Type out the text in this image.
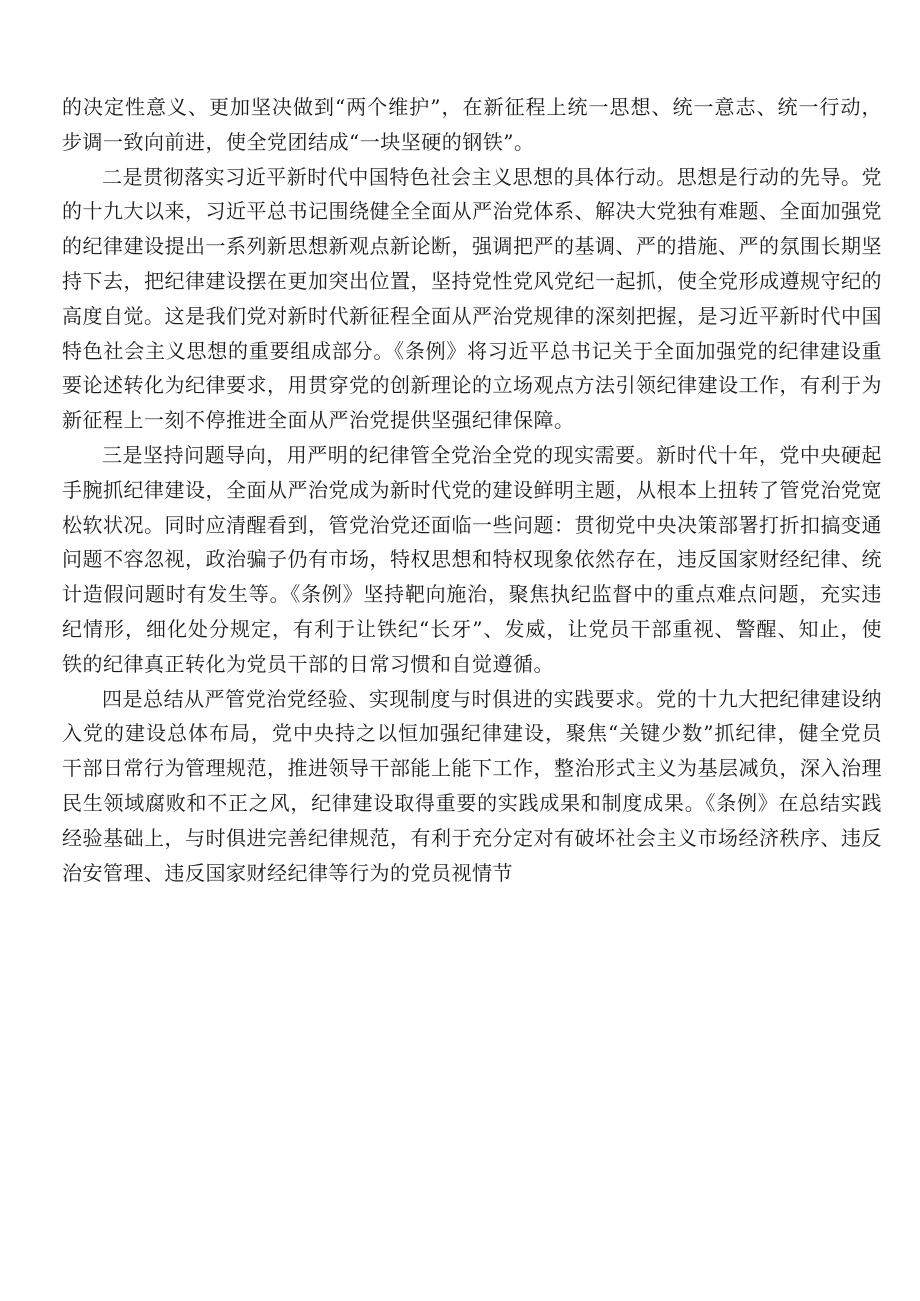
的决定性意义、更加坚决做到“两个维护”，在新征程上统一思想、统一意志、统一行动，步调一致向前进，使全党团结成“一块坚硬的钢铁”。

二是贯彻落实习近平新时代中国特色社会主义思想的具体行动。思想是行动的先导。党的十九大以来，习近平总书记围绕健全全面从严治党体系、解决大党独有难题、全面加强党的纪律建设提出一系列新思想新观点新论断，强调把严的基调、严的措施、严的氛围长期坚持下去，把纪律建设摆在更加突出位置，坚持党性党风党纪一起抓，使全党形成遵规守纪的高度自觉。这是我们党对新时代新征程全面从严治党规律的深刻把握，是习近平新时代中国特色社会主义思想的重要组成部分。《条例》将习近平总书记关于全面加强党的纪律建设重要论述转化为纪律要求，用贯穿党的创新理论的立场观点方法引领纪律建设工作，有利于为新征程上一刻不停推进全面从严治党提供坚强纪律保障。

三是坚持问题导向，用严明的纪律管全党治全党的现实需要。新时代十年，党中央硬起手腕抓纪律建设，全面从严治党成为新时代党的建设鲜明主题，从根本上扭转了管党治党宽松软状况。同时应清醒看到，管党治党还面临一些问题：贯彻党中央决策部署打折扣搞变通问题不容忽视，政治骗子仍有市场，特权思想和特权现象依然存在，违反国家财经纪律、统计造假问题时有发生等。《条例》坚持靶向施治，聚焦执纪监督中的重点难点问题，充实违纪情形，细化处分规定，有利于让铁纪“长牙”、发威，让党员干部重视、警醒、知止，使铁的纪律真正转化为党员干部的日常习惯和自觉遵循。

四是总结从严管党治党经验、实现制度与时俱进的实践要求。党的十九大把纪律建设纳入党的建设总体布局，党中央持之以恒加强纪律建设，聚焦“关键少数”抓纪律，健全党员干部日常行为管理规范，推进领导干部能上能下工作，整治形式主义为基层减负，深入治理民生领域腐败和不正之风，纪律建设取得重要的实践成果和制度成果。《条例》在总结实践经验基础上，与时俱进完善纪律规范，有利于充分定对有破坏社会主义市场经济秩序、违反治安管理、违反国家财经纪律等行为的党员视情节
